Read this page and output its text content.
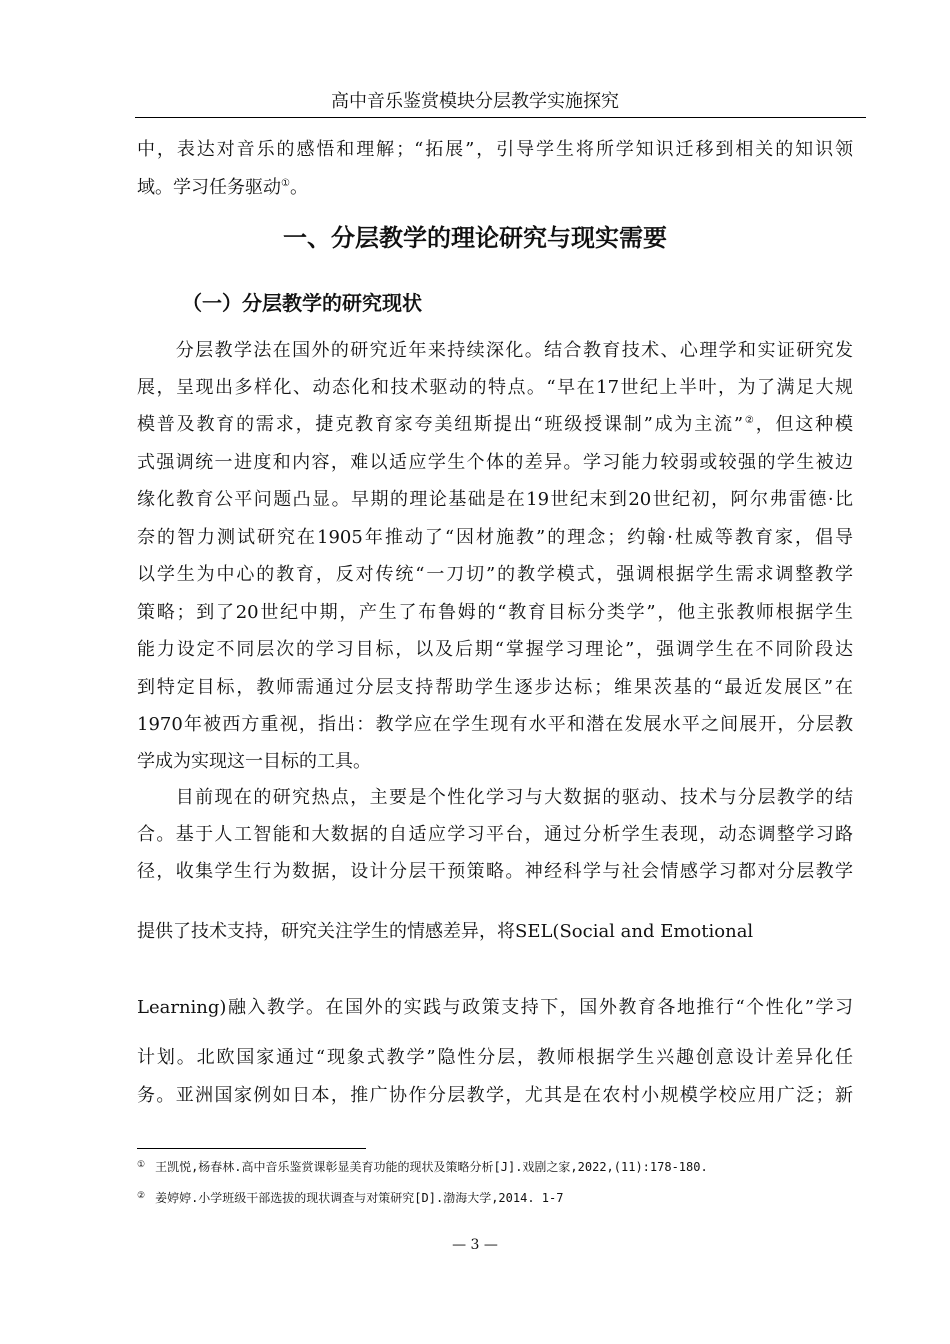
高中音乐鉴赏模块分层教学实施探究
中，表达对音乐的感悟和理解；“拓展”，引导学生将所学知识迁移到相关的知识领
域。学习任务驱动①。
一、分层教学的理论研究与现实需要
（一）分层教学的研究现状
　　分层教学法在国外的研究近年来持续深化。结合教育技术、心理学和实证研究发
展，呈现出多样化、动态化和技术驱动的特点。“早在17世纪上半叶，为了满足大规
模普及教育的需求，捷克教育家夸美纽斯提出“班级授课制”成为主流”②，但这种模
式强调统一进度和内容，难以适应学生个体的差异。学习能力较弱或较强的学生被边
缘化教育公平问题凸显。早期的理论基础是在19世纪末到20世纪初，阿尔弗雷德·比
奈的智力测试研究在1905年推动了“因材施教”的理念；约翰·杜威等教育家，倡导
以学生为中心的教育，反对传统“一刀切”的教学模式，强调根据学生需求调整教学
策略；到了20世纪中期，产生了布鲁姆的“教育目标分类学”，他主张教师根据学生
能力设定不同层次的学习目标，以及后期“掌握学习理论”，强调学生在不同阶段达
到特定目标，教师需通过分层支持帮助学生逐步达标；维果茨基的“最近发展区”在
1970年被西方重视，指出：教学应在学生现有水平和潜在发展水平之间展开，分层教
学成为实现这一目标的工具。
　　目前现在的研究热点，主要是个性化学习与大数据的驱动、技术与分层教学的结
合。基于人工智能和大数据的自适应学习平台，通过分析学生表现，动态调整学习路
径，收集学生行为数据，设计分层干预策略。神经科学与社会情感学习都对分层教学
提供了技术支持，研究关注学生的情感差异，将SEL(Social and Emotional
Learning)融入教学。在国外的实践与政策支持下，国外教育各地推行“个性化”学习
计划。北欧国家通过“现象式教学”隐性分层，教师根据学生兴趣创意设计差异化任
务。亚洲国家例如日本，推广协作分层教学，尤其是在农村小规模学校应用广泛；新
① 王凯悦,杨春林.高中音乐鉴赏课彰显美育功能的现状及策略分析[J].戏剧之家,2022,(11):178-180.
② 姜婷婷.小学班级干部选拔的现状调查与对策研究[D].渤海大学,2014. 1-7
— 3 —
